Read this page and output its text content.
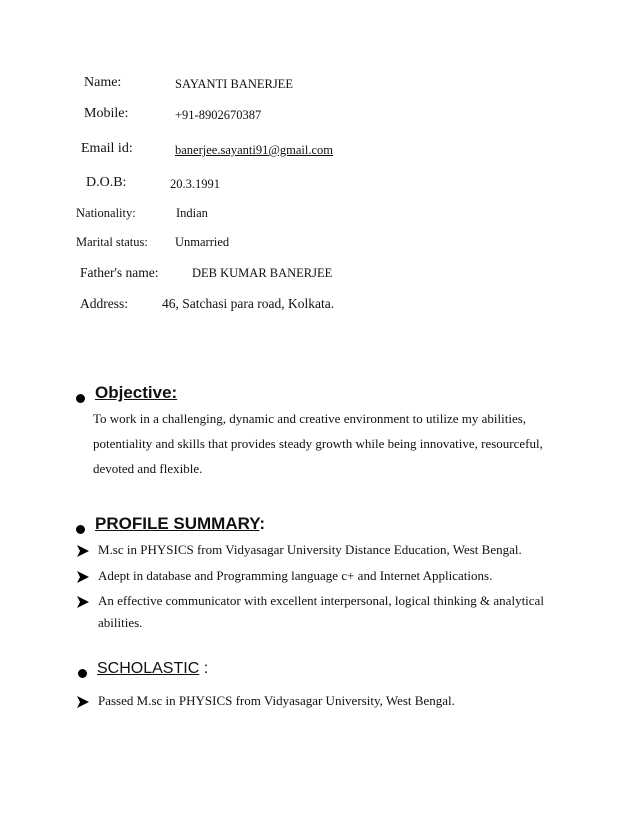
Name:	SAYANTI BANERJEE
Mobile:	+91-8902670387
Email id:	banerjee.sayanti91@gmail.com
D.O.B:	20.3.1991
Nationality:	Indian
Marital status: Unmarried
Father's name:	DEB KUMAR BANERJEE
Address:	46, Satchasi para road, Kolkata.
Objective:
To work in a challenging, dynamic and creative environment to utilize my abilities,
potentiality and skills that provides steady growth while being innovative, resourceful,
devoted and flexible.
PROFILE SUMMARY:
M.sc in PHYSICS from Vidyasagar University Distance Education, West Bengal.
Adept in database and Programming language c+ and Internet Applications.
An effective communicator with excellent interpersonal, logical thinking & analytical
abilities.
SCHOLASTIC :
Passed M.sc in PHYSICS from Vidyasagar University, West Bengal.
